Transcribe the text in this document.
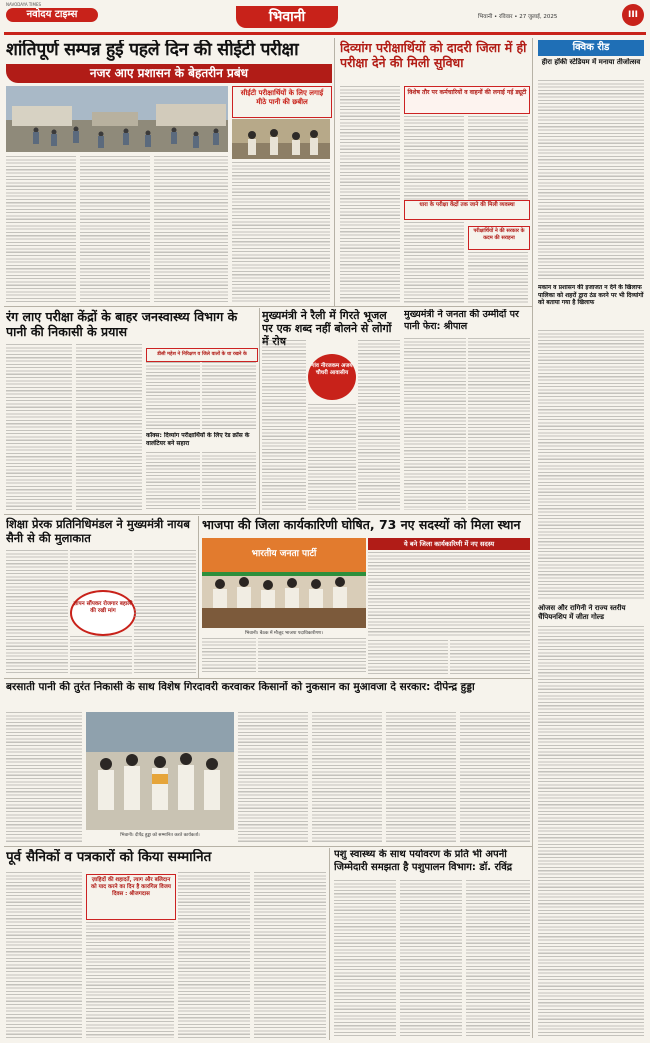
NAVODAYA TIMES
नवोदय टाइम्स	भिवानी	भिवानी • रविवार • 27 जुलाई, 2025	III
शांतिपूर्ण सम्पन्न हुई पहले दिन की सीईटी परीक्षा
नजर आए प्रशासन के बेहतरीन प्रबंध
सीईटी परीक्षार्थियों के लिए लगाई मीठे पानी की छबील
दिव्यांग परीक्षार्थियों को दादरी जिला में ही परीक्षा देने की मिली सुविधा
विशेष तौर पर कर्मचारियों व वाहनों की लगाई गई ड्यूटी
धारा के परीक्षा केंद्रों तक जाने की मिली व्यवस्था
परीक्षार्थियों ने की सरकार के कदम की सराहना
क्विक रीड
हीरा हॉकी स्टेडियम में मनाया तीजोत्सव
मकान व प्रशासन की इजाजत न देने के खिलाफ पालिका को शहरों द्वारा ठंड करने पर भी दिव्यांगों को बताया गया है खिलाफ
ओजस और रागिनी ने राज्य स्तरीय चैंपियनशिप में जीता गोल्ड
रंग लाए परीक्षा केंद्रों के बाहर जनस्वास्थ्य विभाग के पानी की निकासी के प्रयास
डीसी महेश ने निरिक्षण व जिले वालों के धा रखने के
कॉक्स: दिव्यांग परीक्षार्थियों के लिए रेड क्रॉस के वालंटियर बने सहारा
मुख्यमंत्री ने रैली में गिरते भूजल पर एक शब्द नहीं बोलने से लोगों में रोष
गांव नीरजकम अजय चौधरी आवासीय
मुख्यमंत्री ने जनता की उम्मीदों पर पानी फेरा: श्रीपाल
शिक्षा प्रेरक प्रतिनिधिमंडल ने मुख्यमंत्री नायब सैनी से की मुलाकात
ज्ञापन सौंपकर रोजगार बहाली की रखी मांग
भाजपा की जिला कार्यकारिणी घोषित, 73 नए सदस्यों को मिला स्थान
भारतीय जनता पार्टी
भिवानी। बैठक में मौजूद भाजपा पदाधिकारीगण।
ये बने जिला कार्यकारिणी में नए सदस्य
बरसाती पानी की तुरंत निकासी के साथ विशेष गिरदावरी करवाकर किसानों को नुकसान का मुआवजा दे सरकार: दीपेन्द्र हुड्डा
भिवानी। दीपेंद्र हुड्डा को सम्मानित करते कार्यकर्ता।
पूर्व सैनिकों व पत्रकारों को किया सम्मानित
ज़ाहिदों की शहादतें, त्याग और बलिदान को याद करने का दिन है कारगिल विजय दिवस : श्रीजगदास
पशु स्वास्थ्य के साथ पर्यावरण के प्रति भी अपनी जिम्मेदारी समझता है पशुपालन विभाग: डॉ. रविंद्र
